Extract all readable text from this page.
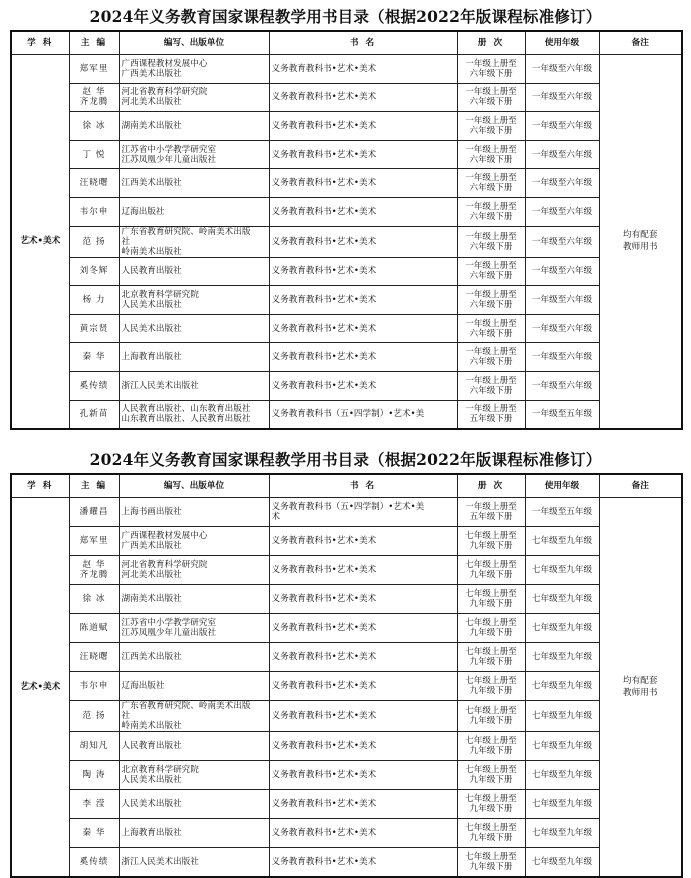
2024年义务教育国家课程教学用书目录（根据2022年版课程标准修订）
学 科	主 编	编写、出版单位	书 名	册 次	使用年级	备注
艺术•美术	郑军里	广西课程教材发展中心
广西美术出版社	义务教育教科书•艺术•美术	一年级上册至
六年级下册	一年级至六年级	均有配套
教师用书

	赵 华
齐龙腾	河北省教育科学研究院
河北美术出版社	义务教育教科书•艺术•美术	一年级上册至
六年级下册	一年级至六年级	

	徐 冰	湖南美术出版社	义务教育教科书•艺术•美术	一年级上册至
六年级下册	一年级至六年级	

	丁 悦	江苏省中小学教学研究室
江苏凤凰少年儿童出版社	义务教育教科书•艺术•美术	一年级上册至
六年级下册	一年级至六年级	

	汪晓曙	江西美术出版社	义务教育教科书•艺术•美术	一年级上册至
六年级下册	一年级至六年级	

	韦尔申	辽海出版社	义务教育教科书•艺术•美术	一年级上册至
六年级下册	一年级至六年级	

	范 扬	广东省教育研究院、岭南美术出版
社
岭南美术出版社	义务教育教科书•艺术•美术	一年级上册至
六年级下册	一年级至六年级	

	刘冬辉	人民教育出版社	义务教育教科书•艺术•美术	一年级上册至
六年级下册	一年级至六年级	

	杨 力	北京教育科学研究院
人民美术出版社	义务教育教科书•艺术•美术	一年级上册至
六年级下册	一年级至六年级	

	黄宗贤	人民美术出版社	义务教育教科书•艺术•美术	一年级上册至
六年级下册	一年级至六年级	

	秦 华	上海教育出版社	义务教育教科书•艺术•美术	一年级上册至
六年级下册	一年级至六年级	

	奚传绩	浙江人民美术出版社	义务教育教科书•艺术•美术	一年级上册至
六年级下册	一年级至六年级	

	孔新苗	人民教育出版社、山东教育出版社
山东教育出版社、人民教育出版社	义务教育教科书（五•四学制）•艺术•美	一年级上册至
五年级下册	一年级至五年级	
2024年义务教育国家课程教学用书目录（根据2022年版课程标准修订）
学 科	主 编	编写、出版单位	书 名	册 次	使用年级	备注
艺术•美术	潘耀昌	上海书画出版社	义务教育教科书（五•四学制）•艺术•美
术	一年级上册至
五年级下册	一年级至五年级	均有配套
教师用书

	郑军里	广西课程教材发展中心
广西美术出版社	义务教育教科书•艺术•美术	七年级上册至
九年级下册	七年级至九年级	

	赵 华
齐龙腾	河北省教育科学研究院
河北美术出版社	义务教育教科书•艺术•美术	七年级上册至
九年级下册	七年级至九年级	

	徐 冰	湖南美术出版社	义务教育教科书•艺术•美术	七年级上册至
九年级下册	七年级至九年级	

	陈道赋	江苏省中小学教学研究室
江苏凤凰少年儿童出版社	义务教育教科书•艺术•美术	七年级上册至
九年级下册	七年级至九年级	

	汪晓曙	江西美术出版社	义务教育教科书•艺术•美术	七年级上册至
九年级下册	七年级至九年级	

	韦尔申	辽海出版社	义务教育教科书•艺术•美术	七年级上册至
九年级下册	七年级至九年级	

	范 扬	广东省教育研究院、岭南美术出版
社
岭南美术出版社	义务教育教科书•艺术•美术	七年级上册至
九年级下册	七年级至九年级	

	胡知凡	人民教育出版社	义务教育教科书•艺术•美术	七年级上册至
九年级下册	七年级至九年级	

	陶 涛	北京教育科学研究院
人民美术出版社	义务教育教科书•艺术•美术	七年级上册至
九年级下册	七年级至九年级	

	李 滢	人民美术出版社	义务教育教科书•艺术•美术	七年级上册至
九年级下册	七年级至九年级	

	秦 华	上海教育出版社	义务教育教科书•艺术•美术	七年级上册至
九年级下册	七年级至九年级	

	奚传绩	浙江人民美术出版社	义务教育教科书•艺术•美术	七年级上册至
九年级下册	七年级至九年级	
